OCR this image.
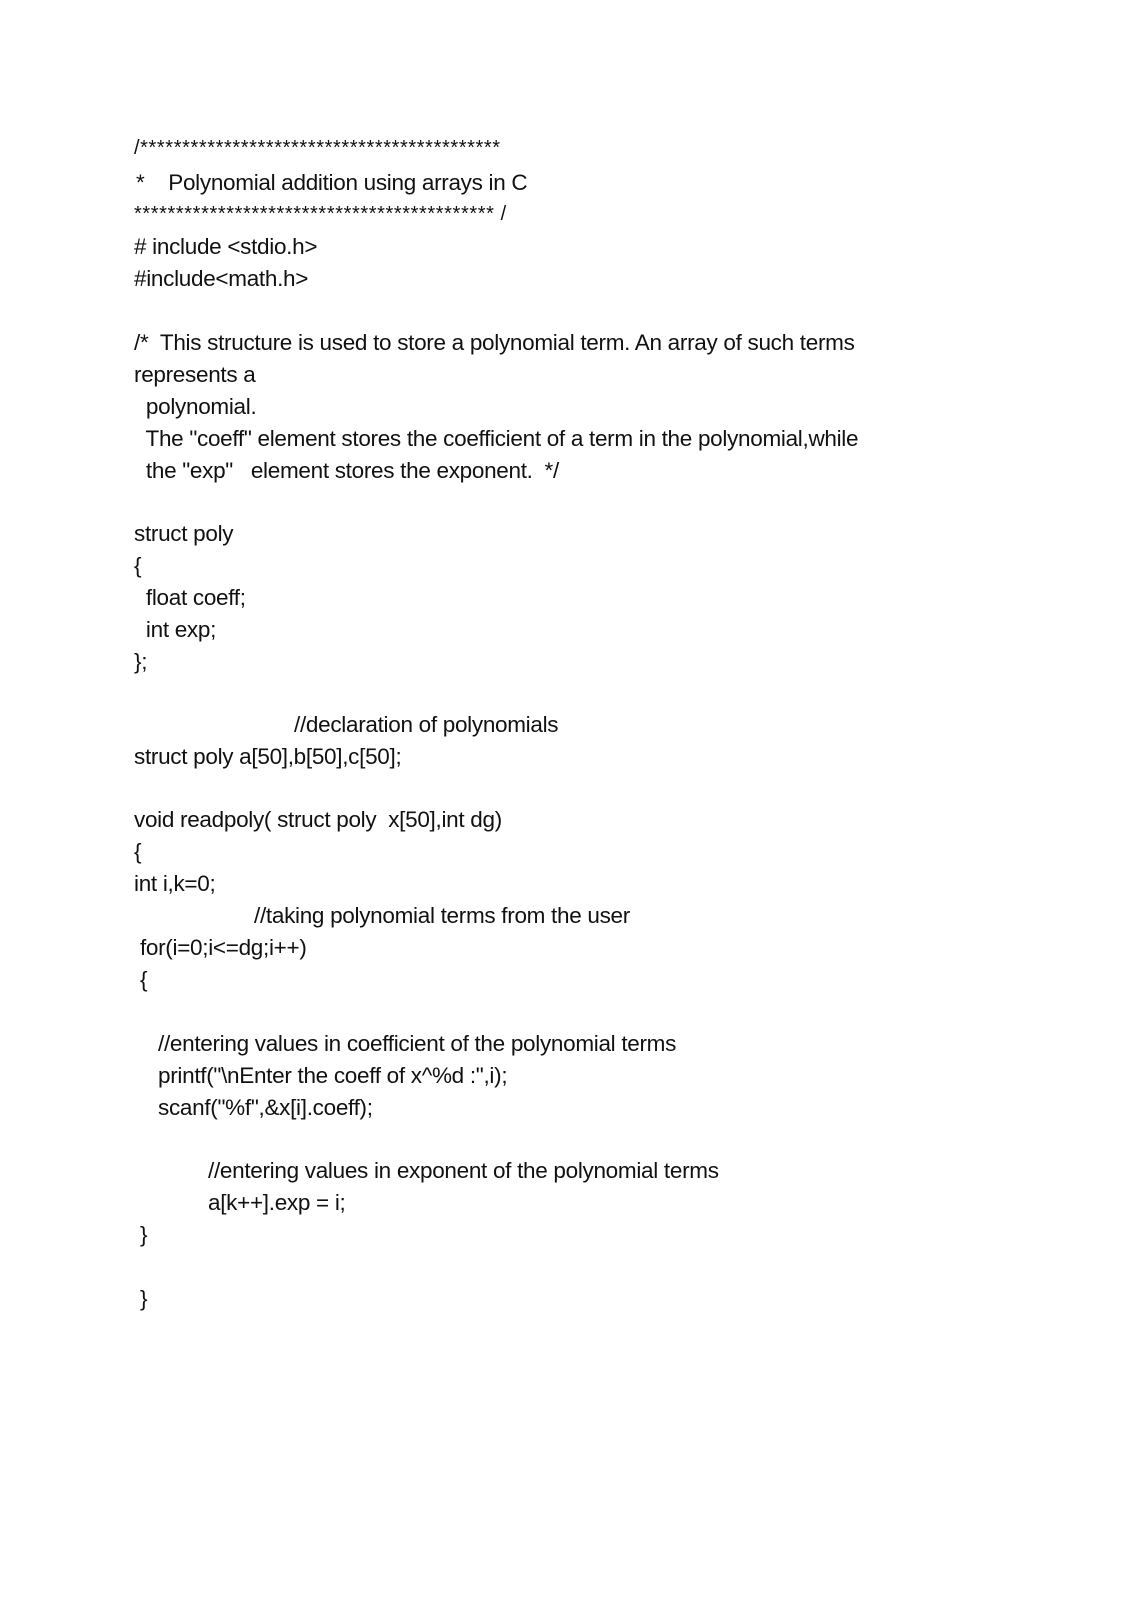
/*******************************************
*    Polynomial addition using arrays in C
******************************************* /
# include <stdio.h>
#include<math.h>
/*  This structure is used to store a polynomial term. An array of such terms
represents a
polynomial.
The "coeff" element stores the coefficient of a term in the polynomial,while
the "exp"   element stores the exponent.  */
struct poly
{
float coeff;
int exp;
};
//declaration of polynomials
struct poly a[50],b[50],c[50];
void readpoly( struct poly  x[50],int dg)
{
int i,k=0;
//taking polynomial terms from the user
for(i=0;i<=dg;i++)
{
//entering values in coefficient of the polynomial terms
printf("\nEnter the coeff of x^%d :",i);
scanf("%f",&x[i].coeff);
//entering values in exponent of the polynomial terms
a[k++].exp = i;
}
}
